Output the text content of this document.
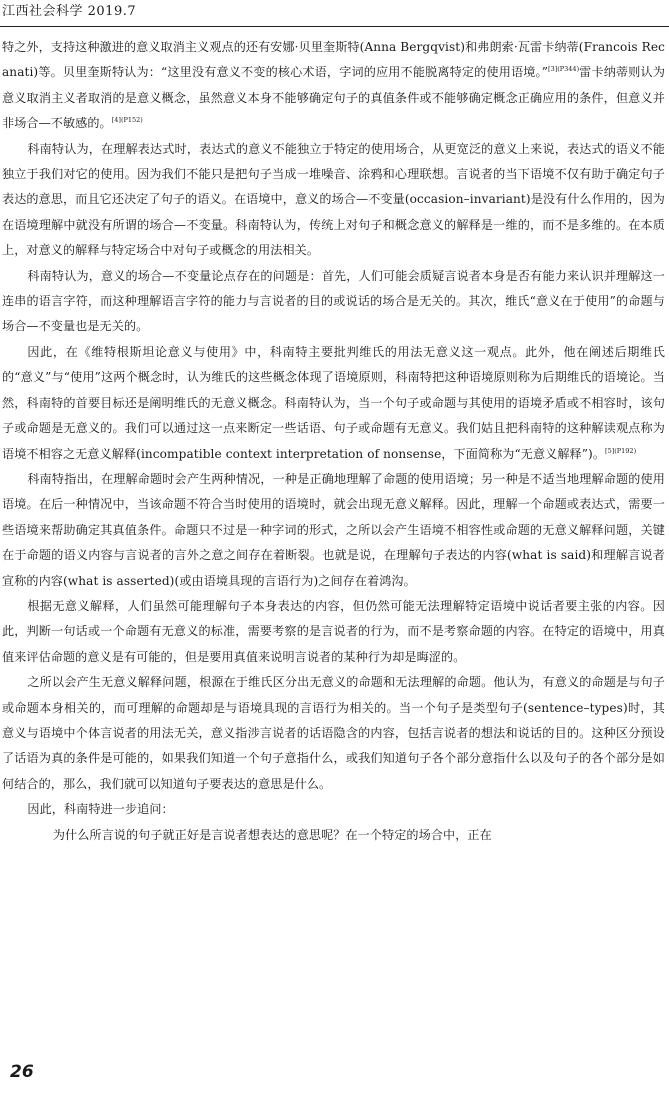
江西社会科学 2019.7

特之外，支持这种激进的意义取消主义观点的还有安娜·贝里奎斯特(Anna Bergqvist)和弗朗索·瓦雷卡纳蒂(Francois Recanati)等。贝里奎斯特认为：“这里没有意义不变的核心术语，字词的应用不能脱离特定的使用语境。”$^{[3](P344)}$雷卡纳蒂则认为意义取消主义者取消的是意义概念，虽然意义本身不能够确定句子的真值条件或不能够确定概念正确应用的条件，但意义并非场合—不敏感的。$^{[4](P152)}$

科南特认为，在理解表达式时，表达式的意义不能独立于特定的使用场合，从更宽泛的意义上来说，表达式的语义不能独立于我们对它的使用。因为我们不能只是把句子当成一堆噪音、涂鸦和心理联想。言说者的当下语境不仅有助于确定句子表达的意思，而且它还决定了句子的语义。在语境中，意义的场合—不变量(occasion–invariant)是没有什么作用的，因为在语境理解中就没有所谓的场合—不变量。科南特认为，传统上对句子和概念意义的解释是一维的，而不是多维的。在本质上，对意义的解释与特定场合中对句子或概念的用法相关。

科南特认为，意义的场合—不变量论点存在的问题是：首先，人们可能会质疑言说者本身是否有能力来认识并理解这一连串的语言字符，而这种理解语言字符的能力与言说者的目的或说话的场合是无关的。其次，维氏“意义在于使用”的命题与场合—不变量也是无关的。

因此，在《维特根斯坦论意义与使用》中，科南特主要批判维氏的用法无意义这一观点。此外，他在阐述后期维氏的“意义”与“使用”这两个概念时，认为维氏的这些概念体现了语境原则，科南特把这种语境原则称为后期维氏的语境论。当然，科南特的首要目标还是阐明维氏的无意义概念。科南特认为，当一个句子或命题与其使用的语境矛盾或不相容时，该句子或命题是无意义的。我们可以通过这一点来断定一些话语、句子或命题有无意义。我们姑且把科南特的这种解读观点称为语境不相容之无意义解释(incompatible context interpretation of nonsense，下面简称为“无意义解释”)。$^{[5](P192)}$

科南特指出，在理解命题时会产生两种情况，一种是正确地理解了命题的使用语境；另一种是不适当地理解命题的使用语境。在后一种情况中，当该命题不符合当时使用的语境时，就会出现无意义解释。因此，理解一个命题或表达式，需要一些语境来帮助确定其真值条件。命题只不过是一种字词的形式，之所以会产生语境不相容性或命题的无意义解释问题，关键在于命题的语义内容与言说者的言外之意之间存在着断裂。也就是说，在理解句子表达的内容(what is said)和理解言说者宣称的内容(what is asserted)(或由语境具现的言语行为)之间存在着鸿沟。

根据无意义解释，人们虽然可能理解句子本身表达的内容，但仍然可能无法理解特定语境中说话者要主张的内容。因此，判断一句话或一个命题有无意义的标准，需要考察的是言说者的行为，而不是考察命题的内容。在特定的语境中，用真值来评估命题的意义是有可能的，但是要用真值来说明言说者的某种行为却是晦涩的。

之所以会产生无意义解释问题，根源在于维氏区分出无意义的命题和无法理解的命题。他认为，有意义的命题是与句子或命题本身相关的，而可理解的命题却是与语境具现的言语行为相关的。当一个句子是类型句子(sentence–types)时，其意义与语境中个体言说者的用法无关，意义指涉言说者的话语隐含的内容，包括言说者的想法和说话的目的。这种区分预设了话语为真的条件是可能的，如果我们知道一个句子意指什么，或我们知道句子各个部分意指什么以及句子的各个部分是如何结合的，那么，我们就可以知道句子要表达的意思是什么。

因此，科南特进一步追问：

为什么所言说的句子就正好是言说者想表达的意思呢？在一个特定的场合中，正在

26
